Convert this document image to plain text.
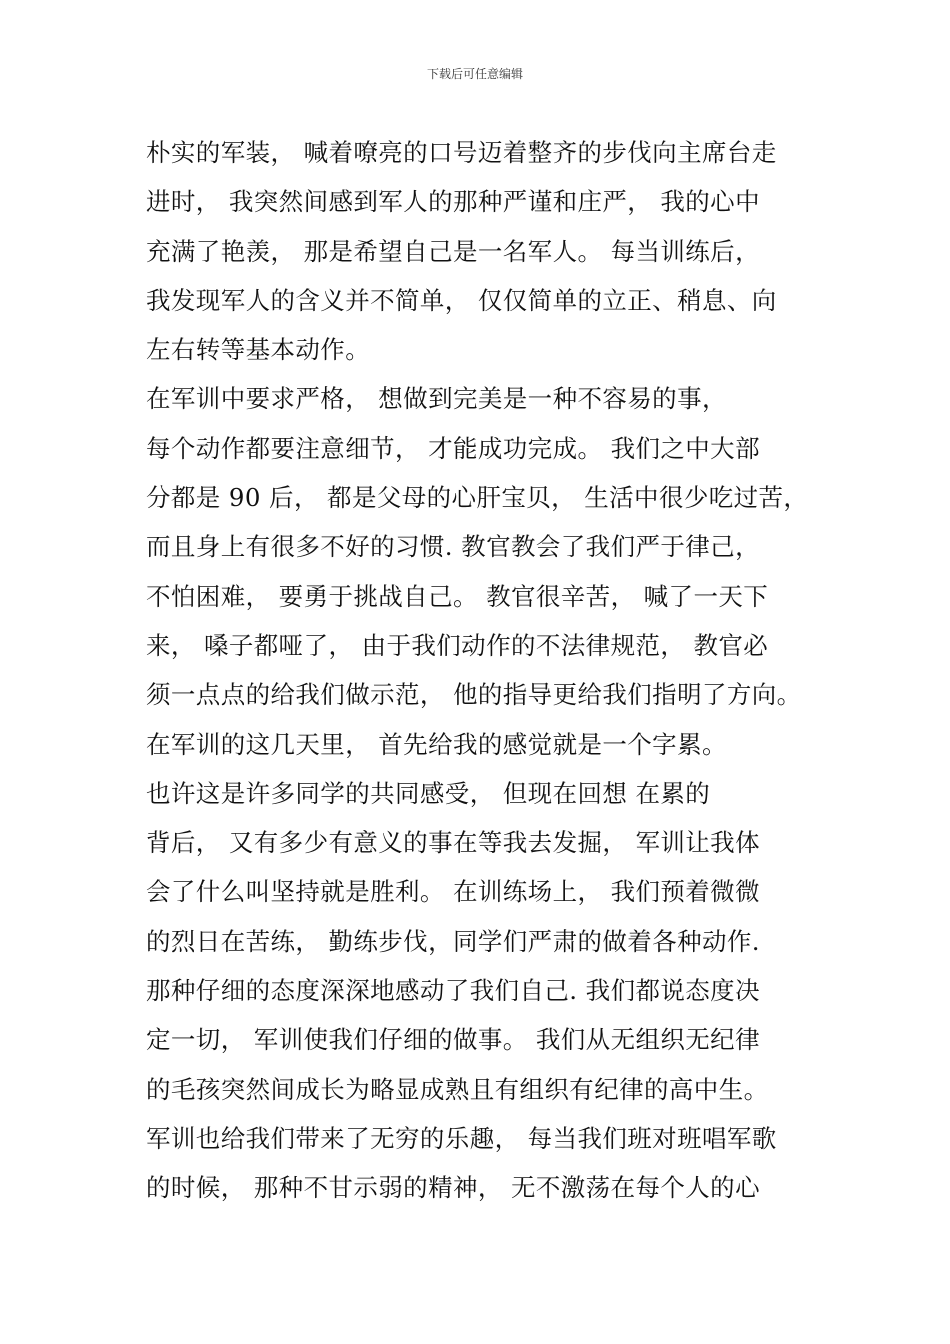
下载后可任意编辑
朴实的军装， 喊着嘹亮的口号迈着整齐的步伐向主席台走
进时， 我突然间感到军人的那种严谨和庄严， 我的心中
充满了艳羡， 那是希望自己是一名军人。 每当训练后，
我发现军人的含义并不简单， 仅仅简单的立正、稍息、向
左右转等基本动作。
在军训中要求严格， 想做到完美是一种不容易的事，
每个动作都要注意细节， 才能成功完成。 我们之中大部
分都是 90 后， 都是父母的心肝宝贝， 生活中很少吃过苦，
而且身上有很多不好的习惯. 教官教会了我们严于律己，
不怕困难， 要勇于挑战自己。 教官很辛苦， 喊了一天下
来， 嗓子都哑了， 由于我们动作的不法律规范， 教官必
须一点点的给我们做示范， 他的指导更给我们指明了方向。
在军训的这几天里， 首先给我的感觉就是一个字累。
也许这是许多同学的共同感受， 但现在回想 在累的
背后， 又有多少有意义的事在等我去发掘， 军训让我体
会了什么叫坚持就是胜利。 在训练场上， 我们预着微微
的烈日在苦练， 勤练步伐，同学们严肃的做着各种动作.
那种仔细的态度深深地感动了我们自己. 我们都说态度决
定一切， 军训使我们仔细的做事。 我们从无组织无纪律
的毛孩突然间成长为略显成熟且有组织有纪律的高中生。
军训也给我们带来了无穷的乐趣， 每当我们班对班唱军歌
的时候， 那种不甘示弱的精神， 无不激荡在每个人的心
